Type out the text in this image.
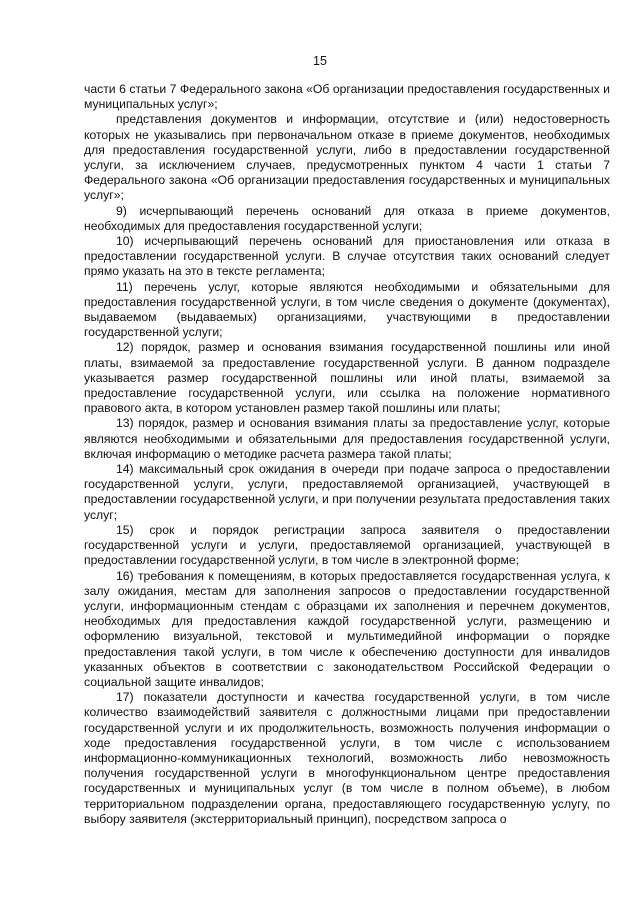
15

части 6 статьи 7 Федерального закона «Об организации предоставления государственных и муниципальных услуг»;

представления документов и информации, отсутствие и (или) недостоверность которых не указывались при первоначальном отказе в приеме документов, необходимых для предоставления государственной услуги, либо в предоставлении государственной услуги, за исключением случаев, предусмотренных пунктом 4 части 1 статьи 7 Федерального закона «Об организации предоставления государственных и муниципальных услуг»;

9) исчерпывающий перечень оснований для отказа в приеме документов, необходимых для предоставления государственной услуги;

10) исчерпывающий перечень оснований для приостановления или отказа в предоставлении государственной услуги. В случае отсутствия таких оснований следует прямо указать на это в тексте регламента;

11) перечень услуг, которые являются необходимыми и обязательными для предоставления государственной услуги, в том числе сведения о документе (документах), выдаваемом (выдаваемых) организациями, участвующими в предоставлении государственной услуги;

12) порядок, размер и основания взимания государственной пошлины или иной платы, взимаемой за предоставление государственной услуги. В данном подразделе указывается размер государственной пошлины или иной платы, взимаемой за предоставление государственной услуги, или ссылка на положение нормативного правового акта, в котором установлен размер такой пошлины или платы;

13) порядок, размер и основания взимания платы за предоставление услуг, которые являются необходимыми и обязательными для предоставления государственной услуги, включая информацию о методике расчета размера такой платы;

14) максимальный срок ожидания в очереди при подаче запроса о предоставлении государственной услуги, услуги, предоставляемой организацией, участвующей в предоставлении государственной услуги, и при получении результата предоставления таких услуг;

15) срок и порядок регистрации запроса заявителя о предоставлении государственной услуги и услуги, предоставляемой организацией, участвующей в предоставлении государственной услуги, в том числе в электронной форме;

16) требования к помещениям, в которых предоставляется государственная услуга, к залу ожидания, местам для заполнения запросов о предоставлении государственной услуги, информационным стендам с образцами их заполнения и перечнем документов, необходимых для предоставления каждой государственной услуги, размещению и оформлению визуальной, текстовой и мультимедийной информации о порядке предоставления такой услуги, в том числе к обеспечению доступности для инвалидов указанных объектов в соответствии с законодательством Российской Федерации о социальной защите инвалидов;

17) показатели доступности и качества государственной услуги, в том числе количество взаимодействий заявителя с должностными лицами при предоставлении государственной услуги и их продолжительность, возможность получения информации о ходе предоставления государственной услуги, в том числе с использованием информационно-коммуникационных технологий, возможность либо невозможность получения государственной услуги в многофункциональном центре предоставления государственных и муниципальных услуг (в том числе в полном объеме), в любом территориальном подразделении органа, предоставляющего государственную услугу, по выбору заявителя (экстерриториальный принцип), посредством запроса о
